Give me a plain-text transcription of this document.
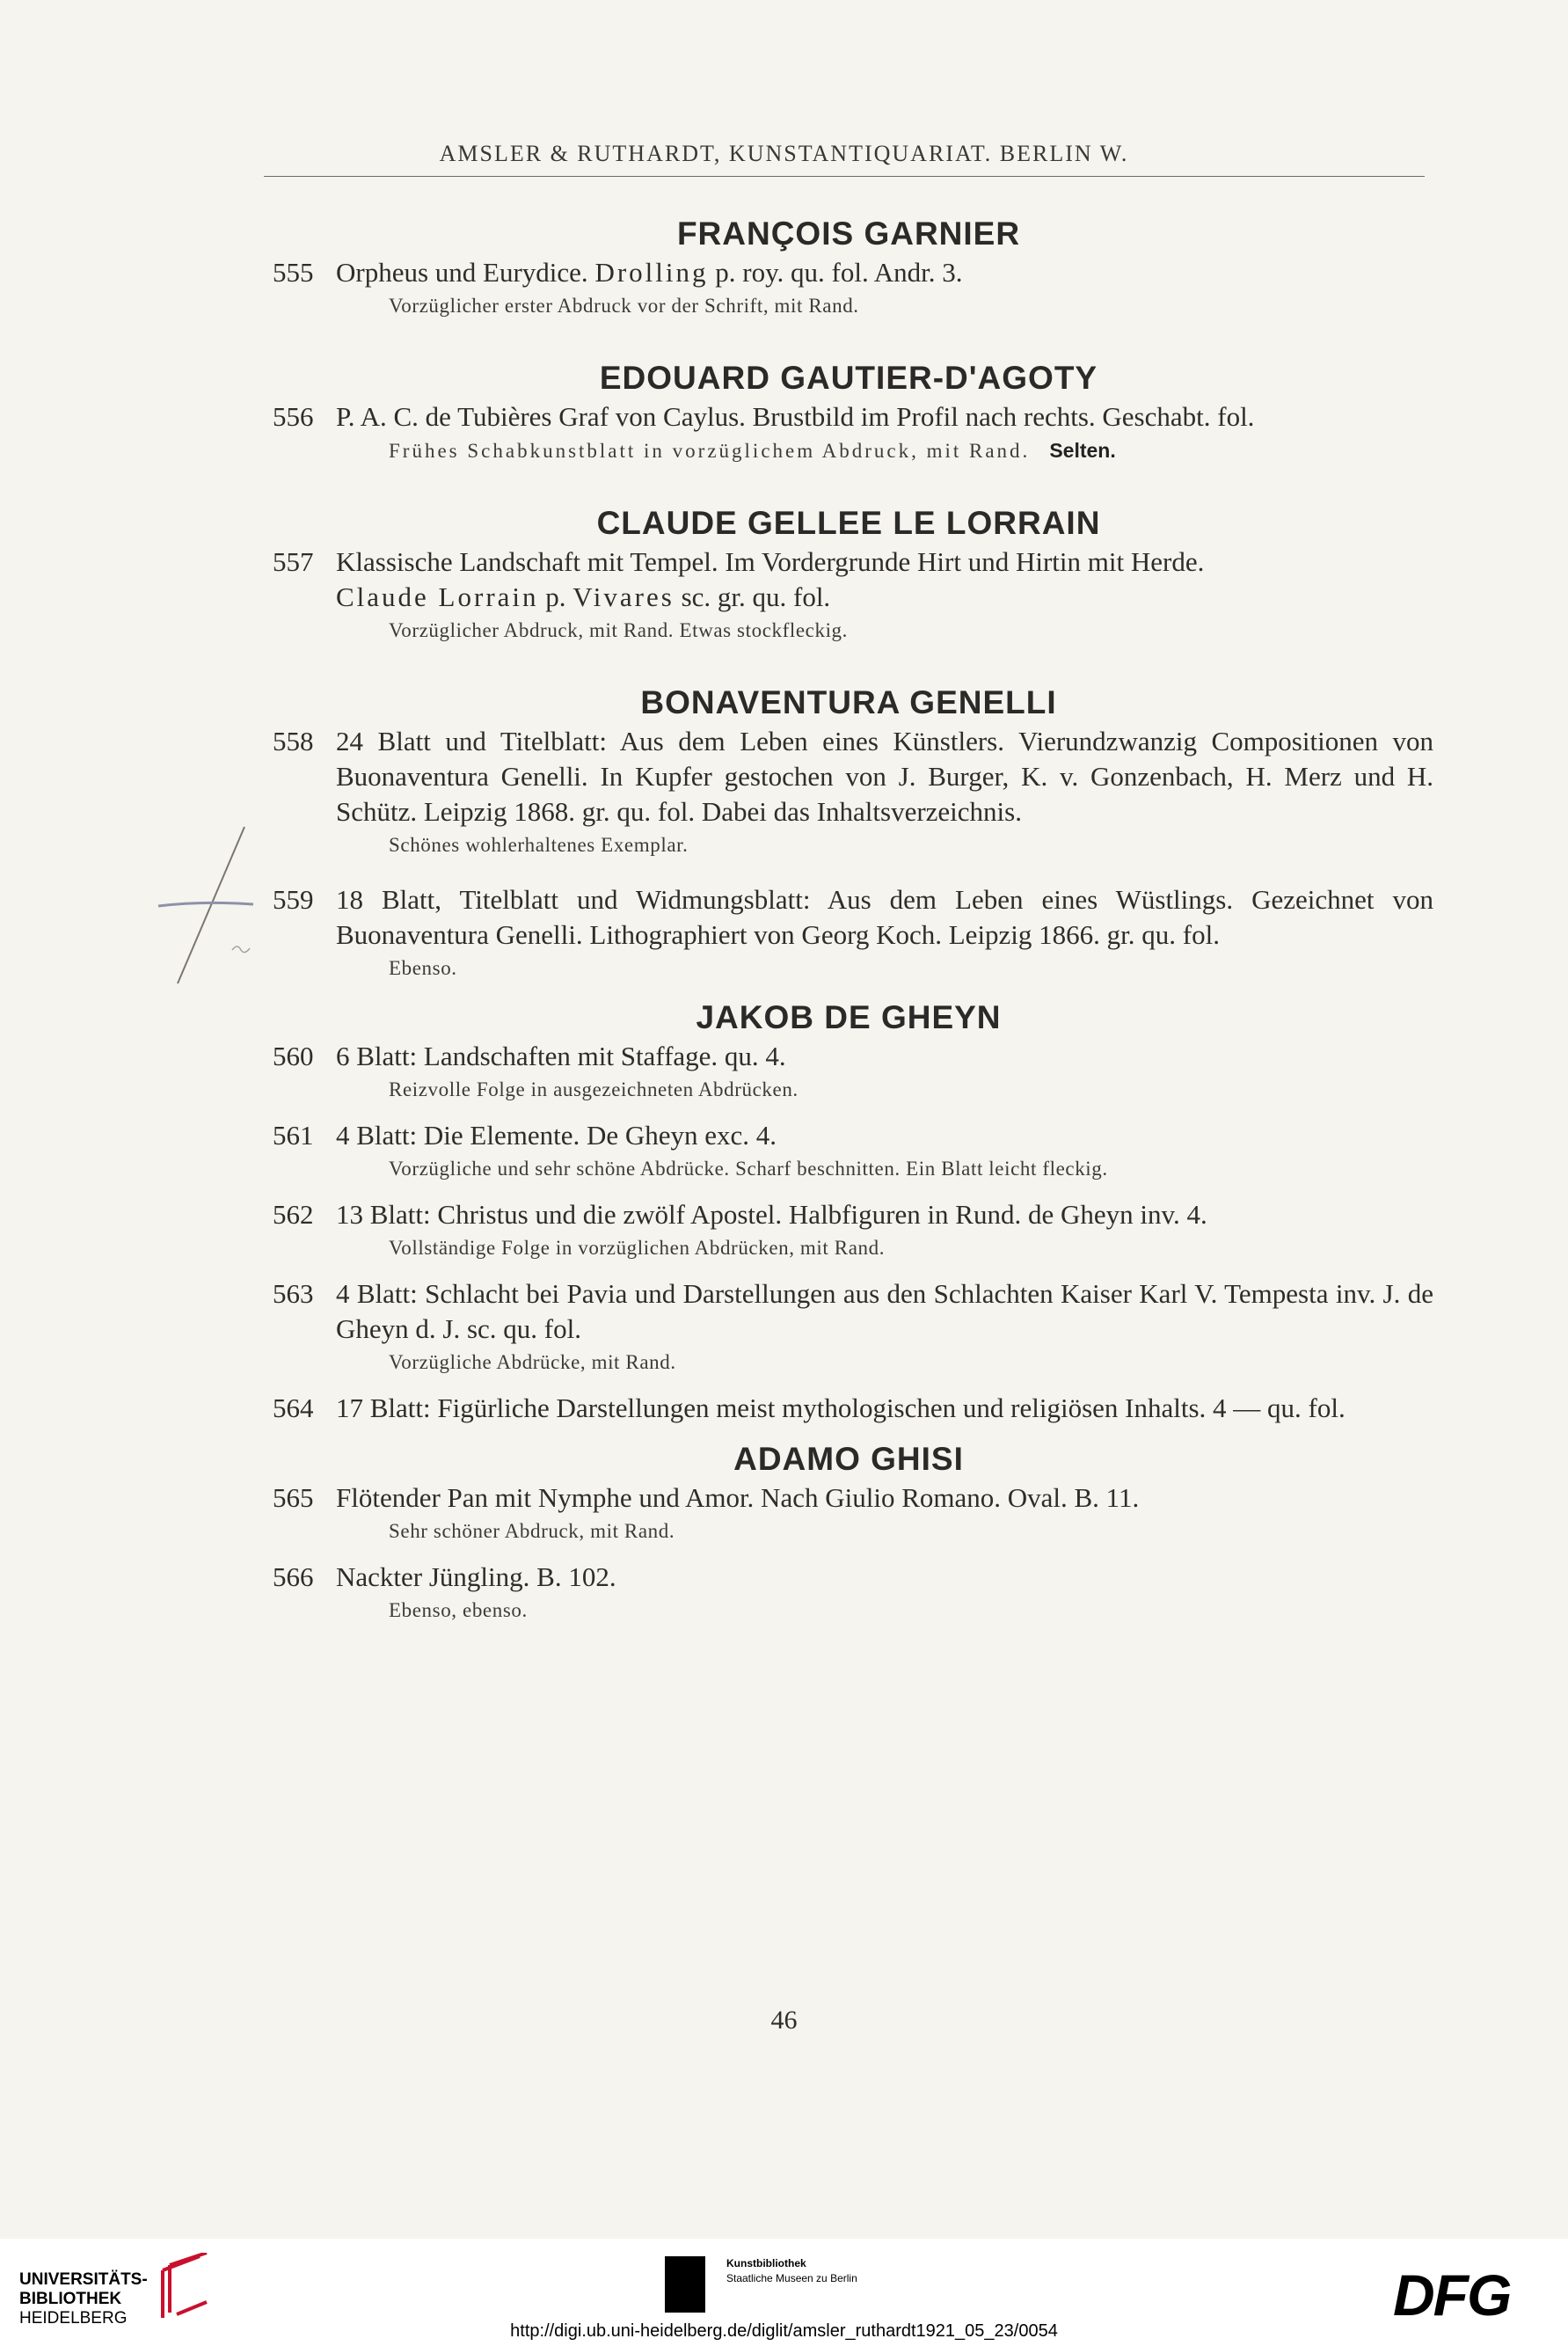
AMSLER & RUTHARDT, KUNSTANTIQUARIAT. BERLIN W.
FRANÇOIS GARNIER
555 Orpheus und Eurydice. Drolling p. roy. qu. fol. Andr. 3.
Vorzüglicher erster Abdruck vor der Schrift, mit Rand.
EDOUARD GAUTIER-D'AGOTY
556 P. A. C. de Tubières Graf von Caylus. Brustbild im Profil nach rechts. Geschabt. fol.
Frühes Schabkunstblatt in vorzüglichem Abdruck, mit Rand. Selten.
CLAUDE GELLEE LE LORRAIN
557 Klassische Landschaft mit Tempel. Im Vordergrunde Hirt und Hirtin mit Herde.
Claude Lorrain p. Vivares sc. gr. qu. fol.
Vorzüglicher Abdruck, mit Rand. Etwas stockfleckig.
BONAVENTURA GENELLI
558 24 Blatt und Titelblatt: Aus dem Leben eines Künstlers. Vierundzwanzig Compositionen von Buonaventura Genelli. In Kupfer gestochen von J. Burger, K. v. Gonzenbach, H. Merz und H. Schütz. Leipzig 1868. gr. qu. fol. Dabei das Inhaltsverzeichnis.
Schönes wohlerhaltenes Exemplar.
559 18 Blatt, Titelblatt und Widmungsblatt: Aus dem Leben eines Wüstlings. Gezeichnet von Buonaventura Genelli. Lithographiert von Georg Koch. Leipzig 1866. gr. qu. fol.
Ebenso.
JAKOB DE GHEYN
560 6 Blatt: Landschaften mit Staffage. qu. 4.
Reizvolle Folge in ausgezeichneten Abdrücken.
561 4 Blatt: Die Elemente. De Gheyn exc. 4.
Vorzügliche und sehr schöne Abdrücke. Scharf beschnitten. Ein Blatt leicht fleckig.
562 13 Blatt: Christus und die zwölf Apostel. Halbfiguren in Rund. de Gheyn inv. 4.
Vollständige Folge in vorzüglichen Abdrücken, mit Rand.
563 4 Blatt: Schlacht bei Pavia und Darstellungen aus den Schlachten Kaiser Karl V. Tempesta inv. J. de Gheyn d. J. sc. qu. fol.
Vorzügliche Abdrücke, mit Rand.
564 17 Blatt: Figürliche Darstellungen meist mythologischen und religiösen Inhalts. 4 — qu. fol.
ADAMO GHISI
565 Flötender Pan mit Nymphe und Amor. Nach Giulio Romano. Oval. B. 11.
Sehr schöner Abdruck, mit Rand.
566 Nackter Jüngling. B. 102.
Ebenso, ebenso.
46
UNIVERSITÄTS-
BIBLIOTHEK
HEIDELBERG
Kunstbibliothek
Staatliche Museen zu Berlin	DFG
http://digi.ub.uni-heidelberg.de/diglit/amsler_ruthardt1921_05_23/0054
